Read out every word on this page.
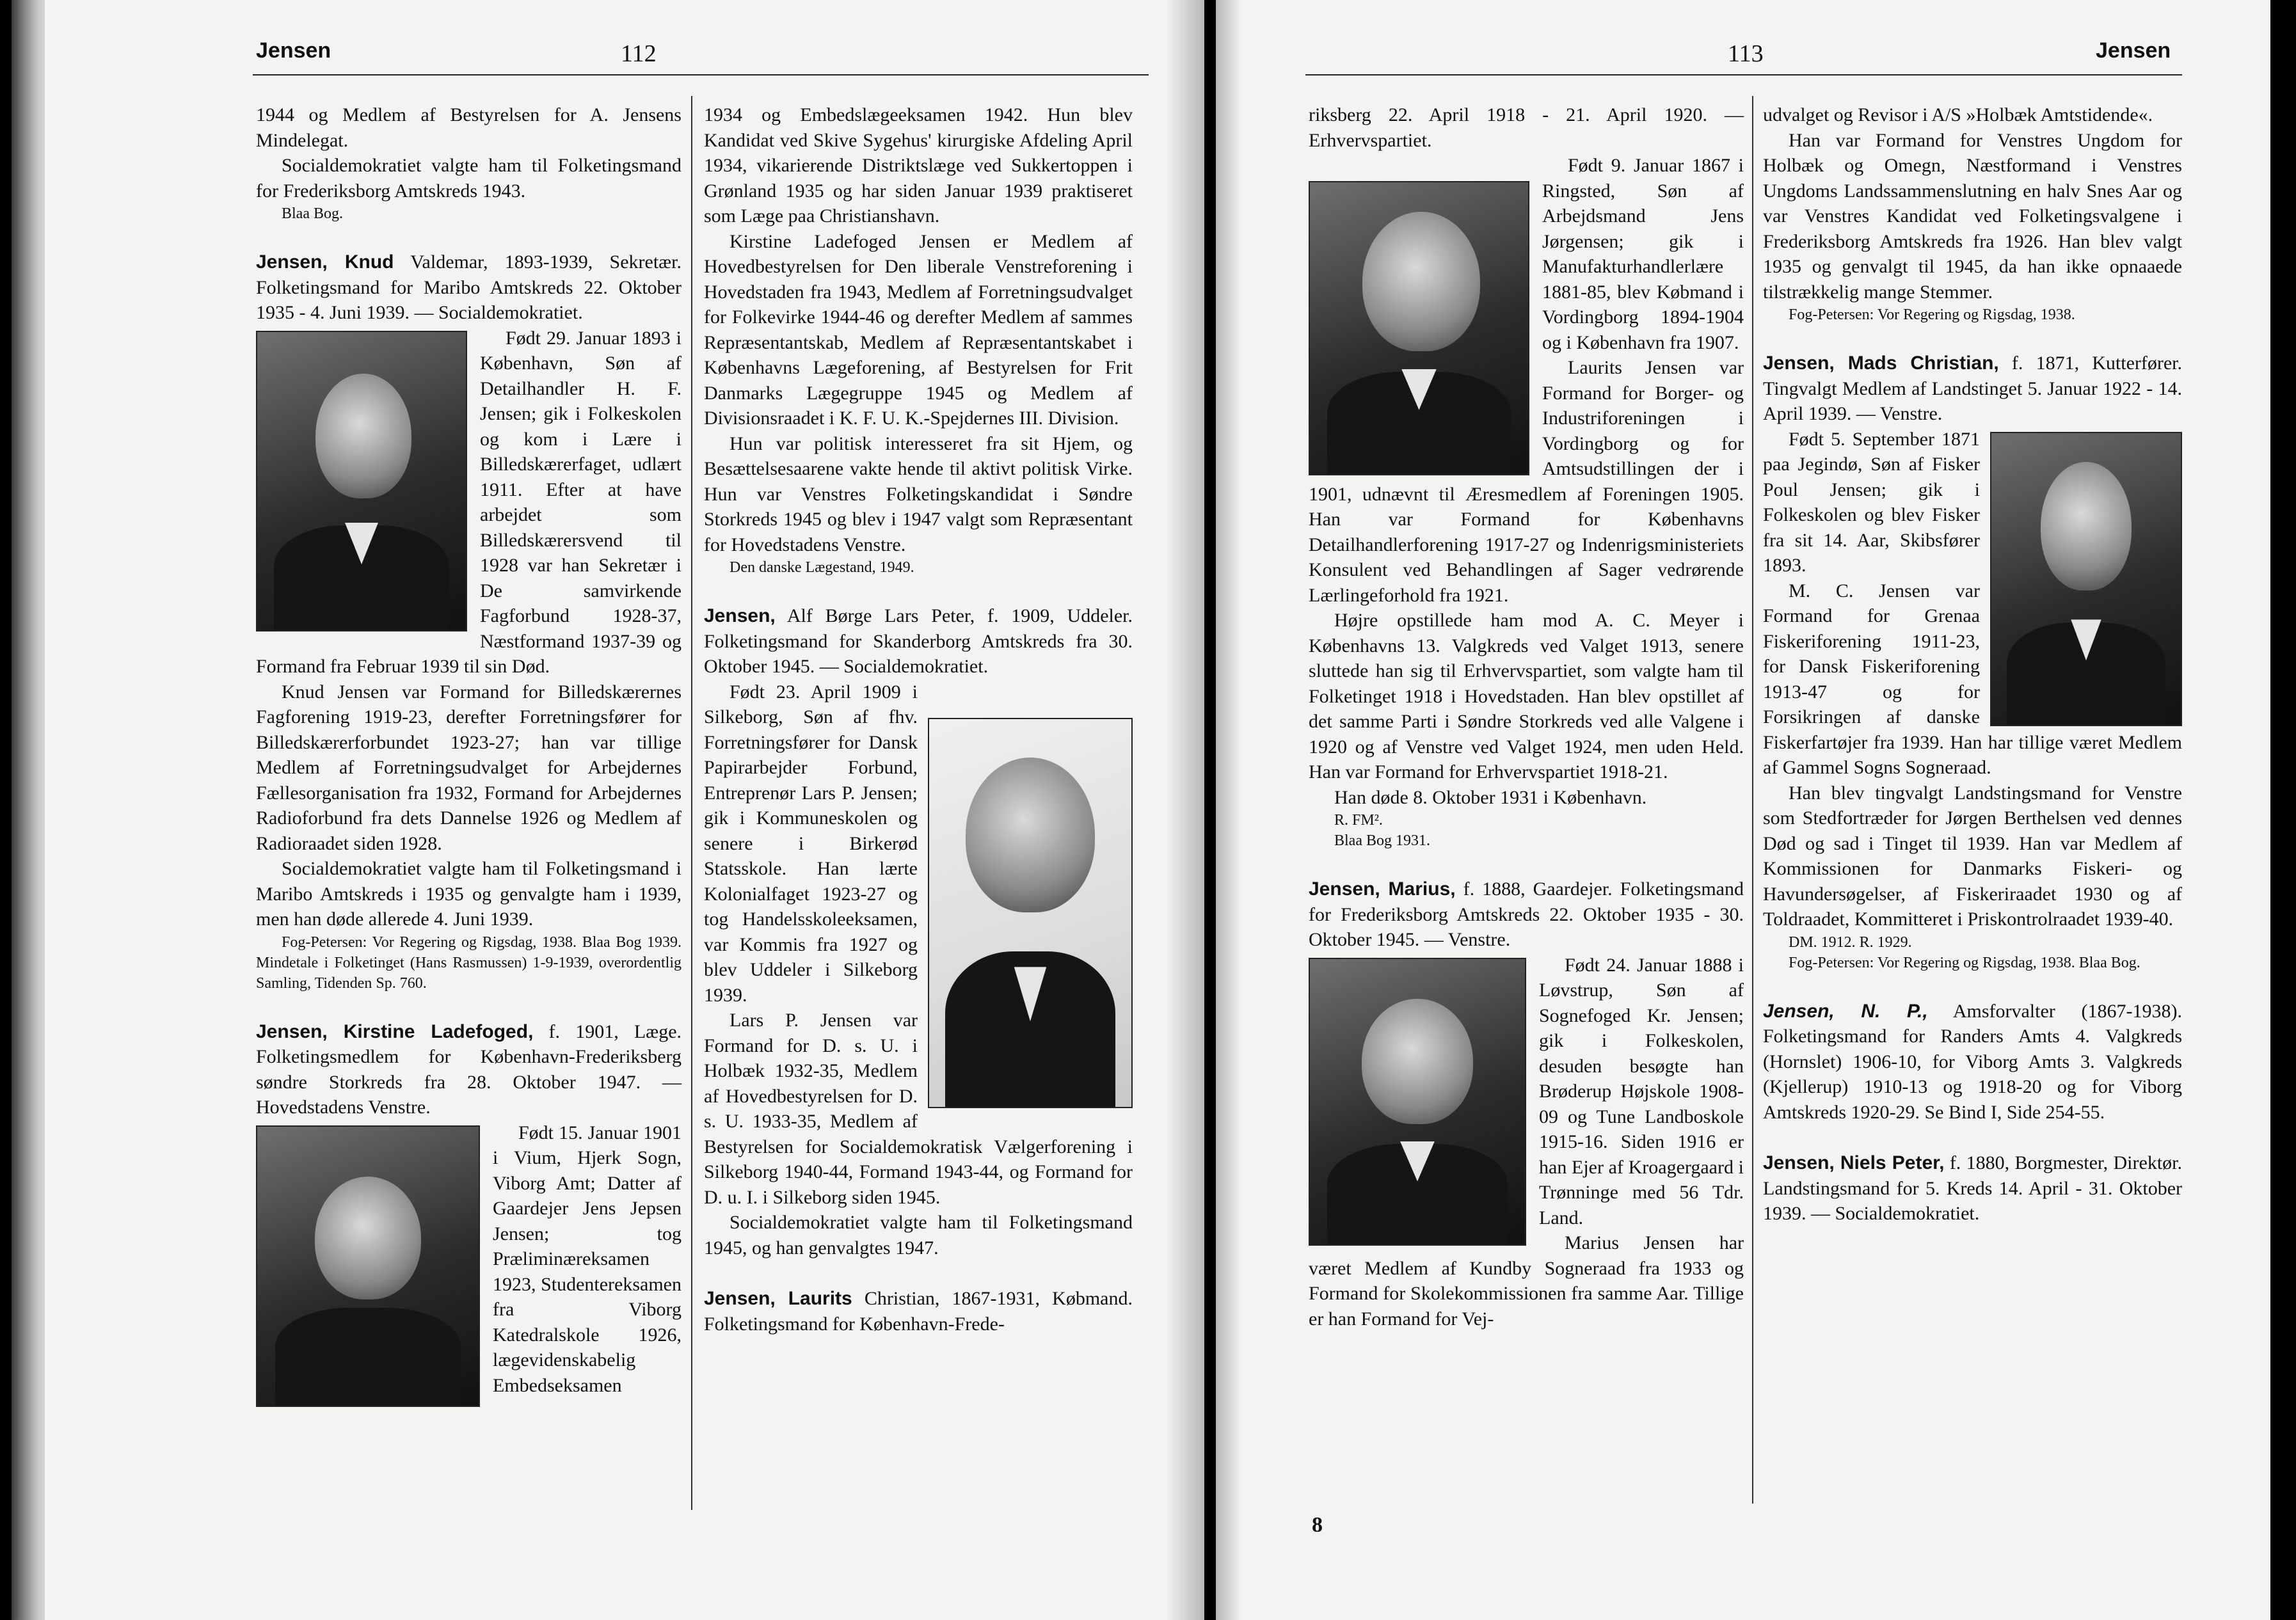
Jensen	112

1944 og Medlem af Bestyrelsen for A. Jensens Mindelegat.

Socialdemokratiet valgte ham til Folketingsmand for Frederiksborg Amtskreds 1943.

Blaa Bog.

Jensen, Knud Valdemar, 1893-1939, Sekretær. Folketingsmand for Maribo Amtskreds 22. Oktober 1935 - 4. Juni 1939. — Socialdemokratiet.

Født 29. Januar 1893 i København, Søn af Detailhandler H. F. Jensen; gik i Folkeskolen og kom i Lære i Billedskærerfaget, udlært 1911. Efter at have arbejdet som Billedskærersvend til 1928 var han Sekretær i De samvirkende Fagforbund 1928-37, Næstformand 1937-39 og Formand fra Februar 1939 til sin Død.

Knud Jensen var Formand for Billedskærernes Fagforening 1919-23, derefter Forretningsfører for Billedskærerforbundet 1923-27; han var tillige Medlem af Forretningsudvalget for Arbejdernes Fællesorganisation fra 1932, Formand for Arbejdernes Radioforbund fra dets Dannelse 1926 og Medlem af Radioraadet siden 1928.

Socialdemokratiet valgte ham til Folketingsmand i Maribo Amtskreds i 1935 og genvalgte ham i 1939, men han døde allerede 4. Juni 1939.

Fog-Petersen: Vor Regering og Rigsdag, 1938. Blaa Bog 1939. Mindetale i Folketinget (Hans Rasmussen) 1-9-1939, overordentlig Samling, Tidenden Sp. 760.

Jensen, Kirstine Ladefoged, f. 1901, Læge. Folketingsmedlem for København-Frederiksberg søndre Storkreds fra 28. Oktober 1947. — Hovedstadens Venstre.

Født 15. Januar 1901 i Vium, Hjerk Sogn, Viborg Amt; Datter af Gaardejer Jens Jepsen Jensen; tog Præliminæreksamen 1923, Studentereksamen fra Viborg Katedralskole 1926, lægevidenskabelig Embedseksamen

1934 og Embedslægeeksamen 1942. Hun blev Kandidat ved Skive Sygehus' kirurgiske Afdeling April 1934, vikarierende Distriktslæge ved Sukkertoppen i Grønland 1935 og har siden Januar 1939 praktiseret som Læge paa Christianshavn.

Kirstine Ladefoged Jensen er Medlem af Hovedbestyrelsen for Den liberale Venstreforening i Hovedstaden fra 1943, Medlem af Forretningsudvalget for Folkevirke 1944-46 og derefter Medlem af sammes Repræsentantskab, Medlem af Repræsentantskabet i Københavns Lægeforening, af Bestyrelsen for Frit Danmarks Lægegruppe 1945 og Medlem af Divisionsraadet i K. F. U. K.-Spejdernes III. Division.

Hun var politisk interesseret fra sit Hjem, og Besættelsesaarene vakte hende til aktivt politisk Virke. Hun var Venstres Folketingskandidat i Søndre Storkreds 1945 og blev i 1947 valgt som Repræsentant for Hovedstadens Venstre.

Den danske Lægestand, 1949.

Jensen, Alf Børge Lars Peter, f. 1909, Uddeler. Folketingsmand for Skanderborg Amtskreds fra 30. Oktober 1945. — Socialdemokratiet.

Født 23. April 1909 i Silkeborg, Søn af fhv. Forretningsfører for Dansk Papirarbejder Forbund, Entreprenør Lars P. Jensen; gik i Kommuneskolen og senere i Birkerød Statsskole. Han lærte Kolonialfaget 1923-27 og tog Handelsskoleeksamen, var Kommis fra 1927 og blev Uddeler i Silkeborg 1939.

Lars P. Jensen var Formand for D. s. U. i Holbæk 1932-35, Medlem af Hovedbestyrelsen for D. s. U. 1933-35, Medlem af Bestyrelsen for Socialdemokratisk Vælgerforening i Silkeborg 1940-44, Formand 1943-44, og Formand for D. u. I. i Silkeborg siden 1945.

Socialdemokratiet valgte ham til Folketingsmand 1945, og han genvalgtes 1947.

Jensen, Laurits Christian, 1867-1931, Købmand. Folketingsmand for København-Frede-

113	Jensen

riksberg 22. April 1918 - 21. April 1920. — Erhvervspartiet.

Født 9. Januar 1867 i Ringsted, Søn af Arbejdsmand Jens Jørgensen; gik i Manufakturhandlerlære 1881-85, blev Købmand i Vordingborg 1894-1904 og i København fra 1907.

Laurits Jensen var Formand for Borger- og Industriforeningen i Vordingborg og for Amtsudstillingen der i 1901, udnævnt til Æresmedlem af Foreningen 1905. Han var Formand for Københavns Detailhandlerforening 1917-27 og Indenrigsministeriets Konsulent ved Behandlingen af Sager vedrørende Lærlingeforhold fra 1921.

Højre opstillede ham mod A. C. Meyer i Københavns 13. Valgkreds ved Valget 1913, senere sluttede han sig til Erhvervspartiet, som valgte ham til Folketinget 1918 i Hovedstaden. Han blev opstillet af det samme Parti i Søndre Storkreds ved alle Valgene i 1920 og af Venstre ved Valget 1924, men uden Held. Han var Formand for Erhvervspartiet 1918-21.

Han døde 8. Oktober 1931 i København.

R. FM².

Blaa Bog 1931.

Jensen, Marius, f. 1888, Gaardejer. Folketingsmand for Frederiksborg Amtskreds 22. Oktober 1935 - 30. Oktober 1945. — Venstre.

Født 24. Januar 1888 i Løvstrup, Søn af Sognefoged Kr. Jensen; gik i Folkeskolen, desuden besøgte han Brøderup Højskole 1908-09 og Tune Landboskole 1915-16. Siden 1916 er han Ejer af Kroagergaard i Trønninge med 56 Tdr. Land.

Marius Jensen har været Medlem af Kundby Sogneraad fra 1933 og Formand for Skolekommissionen fra samme Aar. Tillige er han Formand for Vej-

udvalget og Revisor i A/S »Holbæk Amtstidende«.

Han var Formand for Venstres Ungdom for Holbæk og Omegn, Næstformand i Venstres Ungdoms Landssammenslutning en halv Snes Aar og var Venstres Kandidat ved Folketingsvalgene i Frederiksborg Amtskreds fra 1926. Han blev valgt 1935 og genvalgt til 1945, da han ikke opnaaede tilstrækkelig mange Stemmer.

Fog-Petersen: Vor Regering og Rigsdag, 1938.

Jensen, Mads Christian, f. 1871, Kutterfører. Tingvalgt Medlem af Landstinget 5. Januar 1922 - 14. April 1939. — Venstre.

Født 5. September 1871 paa Jegindø, Søn af Fisker Poul Jensen; gik i Folkeskolen og blev Fisker fra sit 14. Aar, Skibsfører 1893.

M. C. Jensen var Formand for Grenaa Fiskeriforening 1911-23, for Dansk Fiskeriforening 1913-47 og for Forsikringen af danske Fiskerfartøjer fra 1939. Han har tillige været Medlem af Gammel Sogns Sogneraad.

Han blev tingvalgt Landstingsmand for Venstre som Stedfortræder for Jørgen Berthelsen ved dennes Død og sad i Tinget til 1939. Han var Medlem af Kommissionen for Danmarks Fiskeri- og Havundersøgelser, af Fiskeriraadet 1930 og af Toldraadet, Kommitteret i Priskontrolraadet 1939-40.

DM. 1912. R. 1929.

Fog-Petersen: Vor Regering og Rigsdag, 1938. Blaa Bog.

Jensen, N. P., Amsforvalter (1867-1938). Folketingsmand for Randers Amts 4. Valgkreds (Hornslet) 1906-10, for Viborg Amts 3. Valgkreds (Kjellerup) 1910-13 og 1918-20 og for Viborg Amtskreds 1920-29. Se Bind I, Side 254-55.

Jensen, Niels Peter, f. 1880, Borgmester, Direktør. Landstingsmand for 5. Kreds 14. April - 31. Oktober 1939. — Socialdemokratiet.

8
